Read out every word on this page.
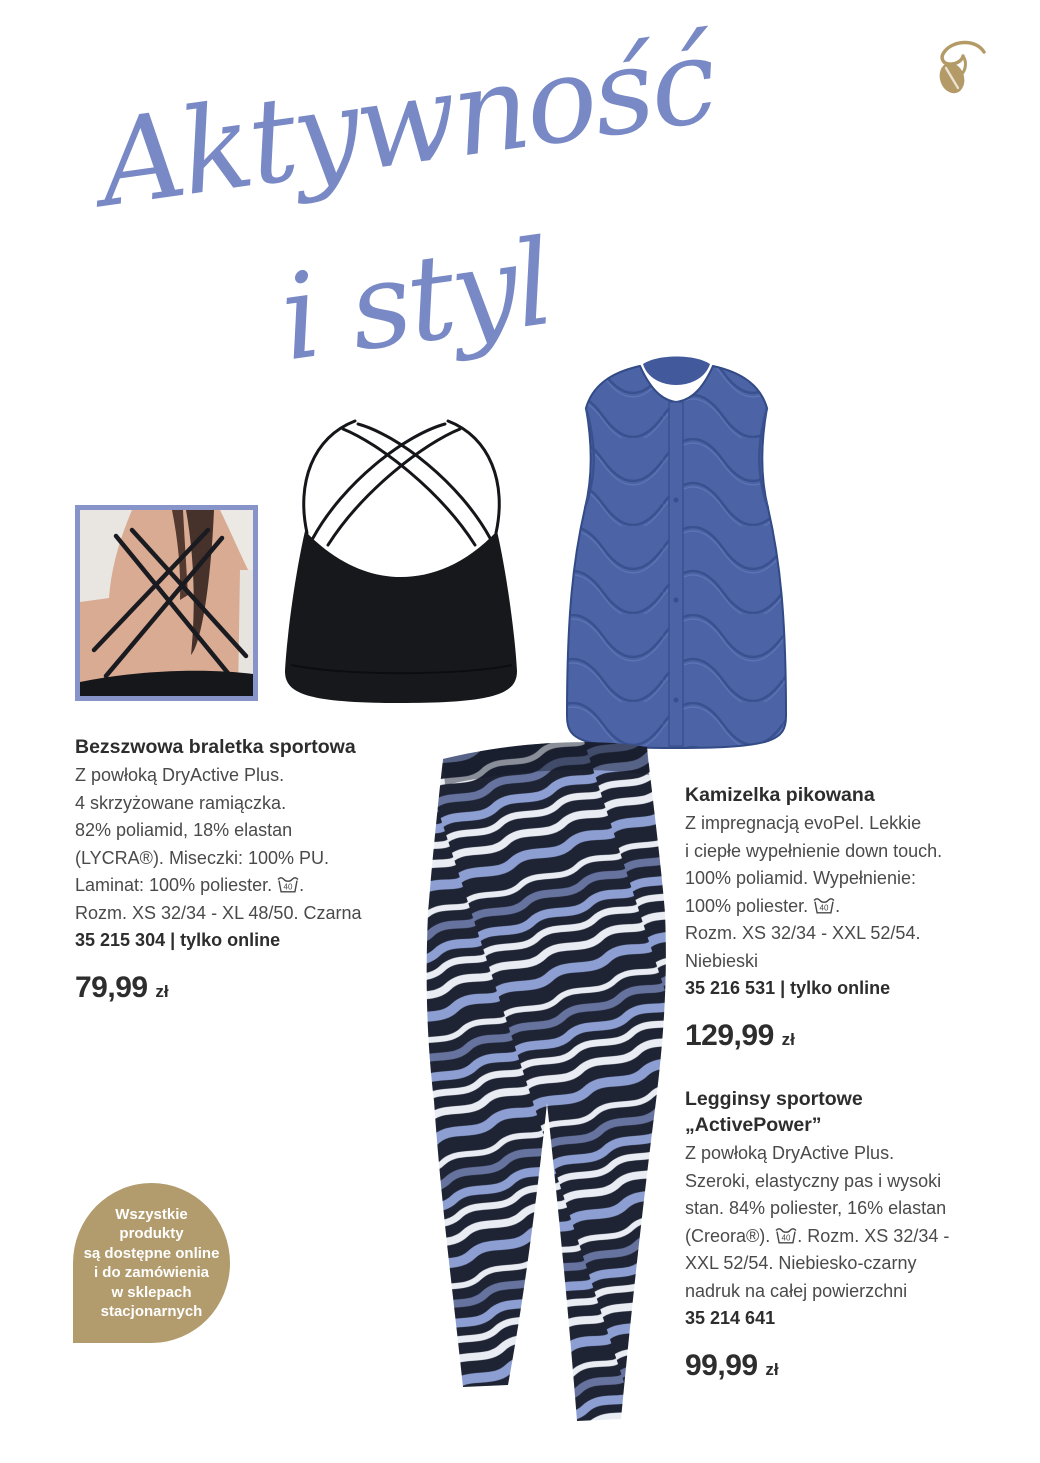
Aktywność
i styl
Bezszwowa braletka sportowa

Z powłoką DryActive Plus.
4 skrzyżowane ramiączka.
82% poliamid, 18% elastan
(LYCRA®). Miseczki: 100% PU.
Laminat: 100% poliester. 40 .
Rozm. XS 32/34 - XL 48/50. Czarna

35 215 304 | tylko online

79,99 zł
Kamizelka pikowana

Z impregnacją evoPel. Lekkie
i ciepłe wypełnienie down touch.
100% poliamid. Wypełnienie:
100% poliester. 40 .
Rozm. XS 32/34 - XXL 52/54.
Niebieski

35 216 531 | tylko online

129,99 zł
Legginsy sportowe
„ActivePower”

Z powłoką DryActive Plus.
Szeroki, elastyczny pas i wysoki
stan. 84% poliester, 16% elastan
(Creora®). 40 . Rozm. XS 32/34 -
XXL 52/54. Niebiesko-czarny
nadruk na całej powierzchni

35 214 641

99,99 zł
Wszystkie
produkty
są dostępne online
i do zamówienia
w sklepach
stacjonarnych
